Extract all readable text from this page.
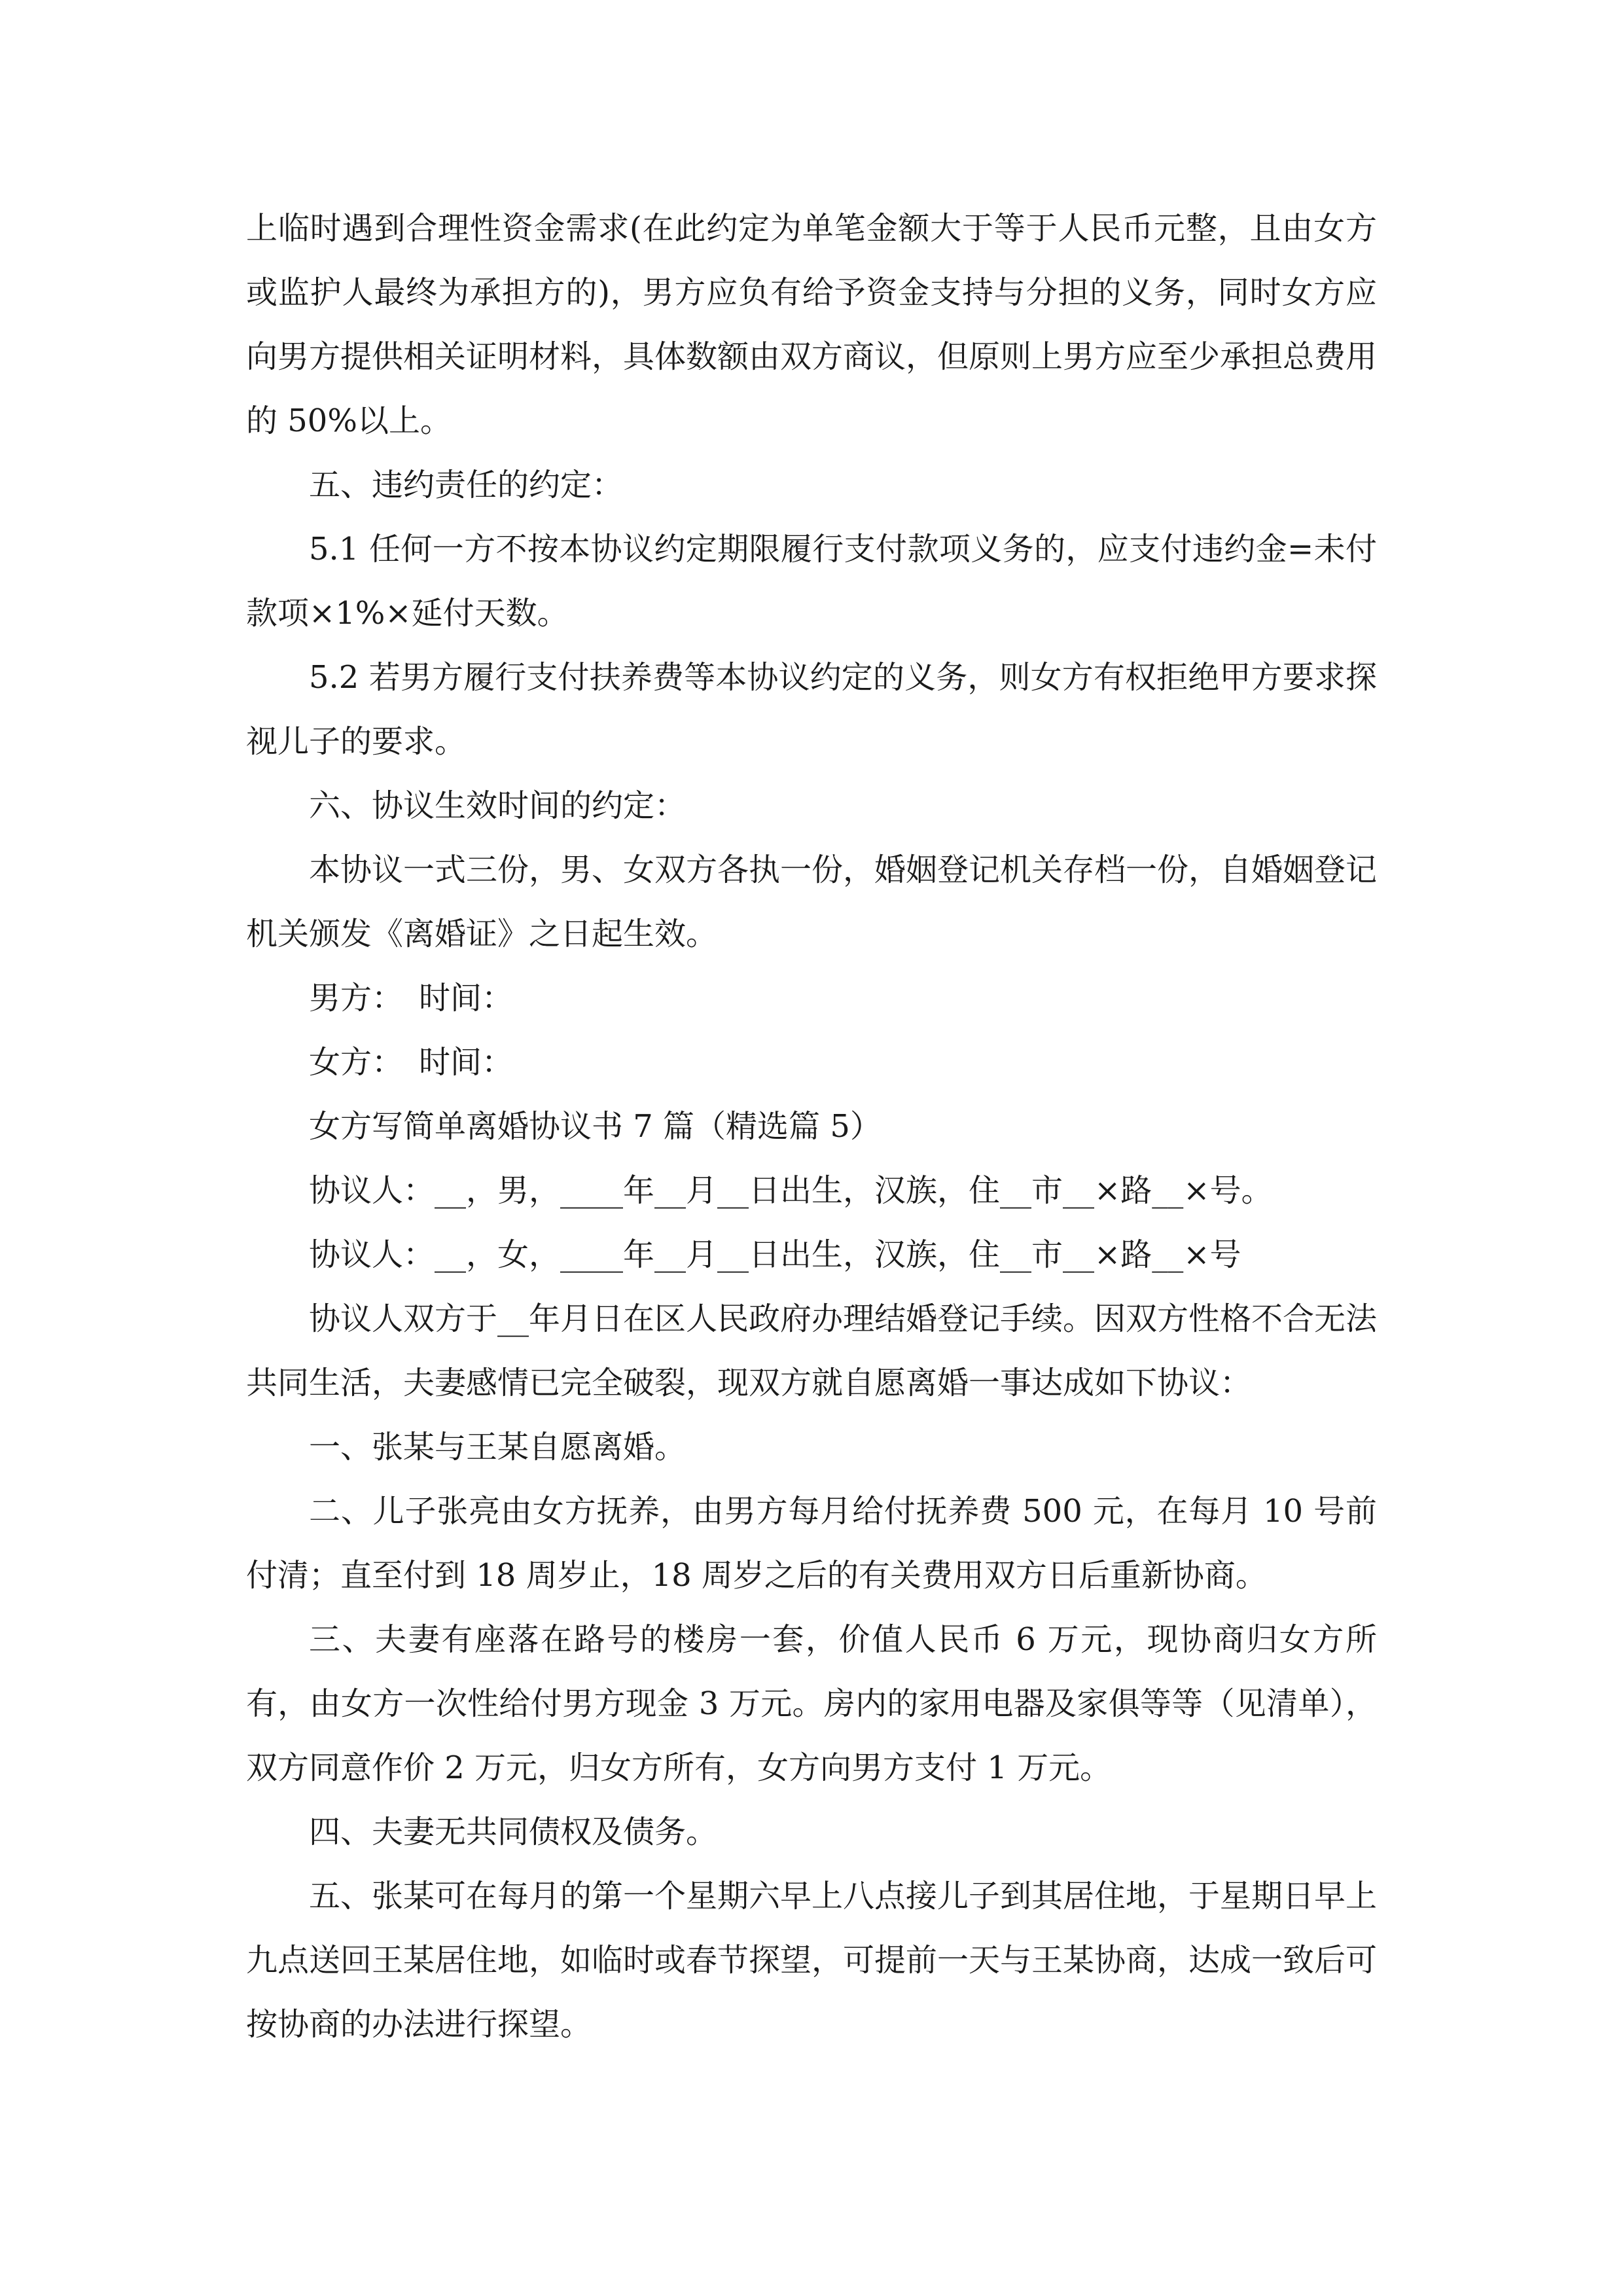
上临时遇到合理性资金需求(在此约定为单笔金额大于等于人民币元整，且由女方或监护人最终为承担方的)，男方应负有给予资金支持与分担的义务，同时女方应向男方提供相关证明材料，具体数额由双方商议，但原则上男方应至少承担总费用的 50%以上。

五、违约责任的约定：

5.1 任何一方不按本协议约定期限履行支付款项义务的，应支付违约金=未付款项×1%×延付天数。

5.2 若男方履行支付扶养费等本协议约定的义务，则女方有权拒绝甲方要求探视儿子的要求。

六、协议生效时间的约定：

本协议一式三份，男、女双方各执一份，婚姻登记机关存档一份，自婚姻登记机关颁发《离婚证》之日起生效。

男方：　时间：

女方：　时间：

女方写简单离婚协议书 7 篇（精选篇 5）

协议人：__，男，____年__月__日出生，汉族，住__市__×路__×号。

协议人：__，女，____年__月__日出生，汉族，住__市__×路__×号

协议人双方于__年月日在区人民政府办理结婚登记手续。因双方性格不合无法共同生活，夫妻感情已完全破裂，现双方就自愿离婚一事达成如下协议：

一、张某与王某自愿离婚。

二、儿子张亮由女方抚养，由男方每月给付抚养费 500 元，在每月 10 号前付清；直至付到 18 周岁止，18 周岁之后的有关费用双方日后重新协商。

三、夫妻有座落在路号的楼房一套，价值人民币 6 万元，现协商归女方所有，由女方一次性给付男方现金 3 万元。房内的家用电器及家俱等等（见清单），双方同意作价 2 万元，归女方所有，女方向男方支付 1 万元。

四、夫妻无共同债权及债务。

五、张某可在每月的第一个星期六早上八点接儿子到其居住地，于星期日早上九点送回王某居住地，如临时或春节探望，可提前一天与王某协商，达成一致后可按协商的办法进行探望。
